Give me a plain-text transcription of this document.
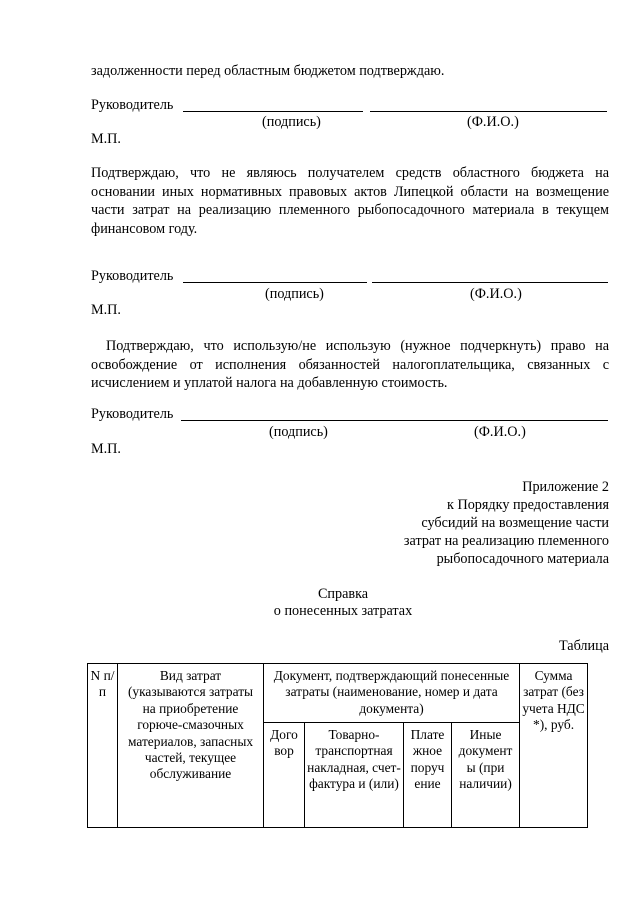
задолженности перед областным бюджетом подтверждаю.
Руководитель
(подпись)	(Ф.И.О.)
М.П.
Подтверждаю, что не являюсь получателем средств областного бюджета на основании иных нормативных правовых актов Липецкой области на возмещение части затрат на реализацию племенного рыбопосадочного материала в текущем финансовом году.
Руководитель
(подпись)	(Ф.И.О.)
М.П.
Подтверждаю, что использую/не использую (нужное подчеркнуть) право на освобождение от исполнения обязанностей налогоплательщика, связанных с исчислением и уплатой налога на добавленную стоимость.
Руководитель
(подпись)	(Ф.И.О.)
М.П.
Приложение 2
к Порядку предоставления
субсидий на возмещение части
затрат на реализацию племенного
рыбопосадочного материала
Справка
о понесенных затратах
Таблица
N п/п	Вид затрат (указываются затраты на приобретение горюче-смазочных материалов, запасных частей, текущее обслуживание	Документ, подтверждающий понесенные затраты (наименование, номер и дата документа)				Сумма затрат (без учета НДС *), руб.
		Дого вор	Товарно-транспортная накладная, счет-фактура и (или)	Плате жное поруч ение	Иные документ ы (при наличии)	
